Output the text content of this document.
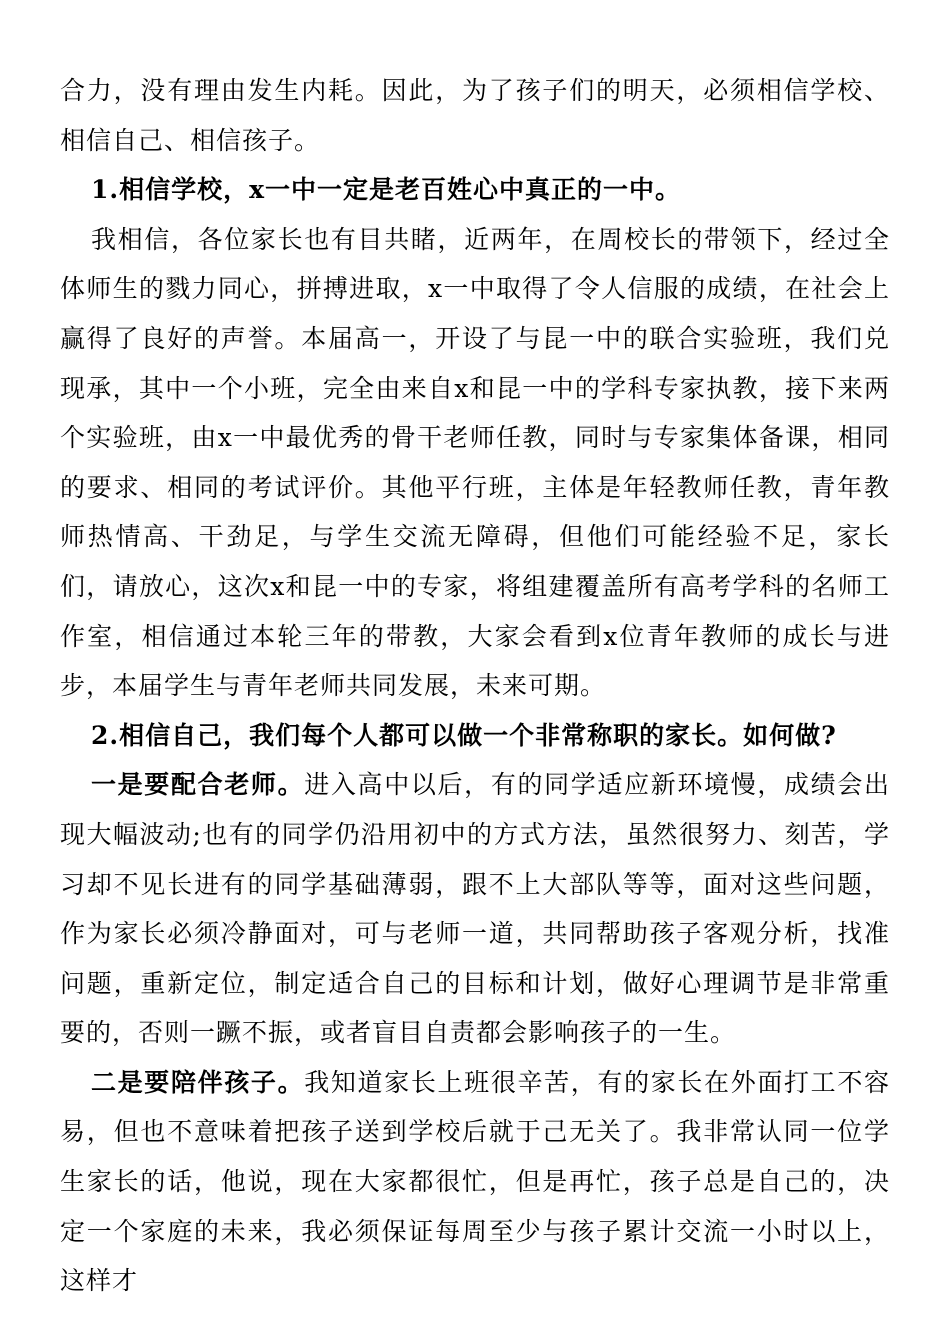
合力，没有理由发生内耗。因此，为了孩子们的明天，必须相信学校、相信自己、相信孩子。

1.相信学校，x一中一定是老百姓心中真正的一中。

我相信，各位家长也有目共睹，近两年，在周校长的带领下，经过全体师生的戮力同心，拼搏进取，x一中取得了令人信服的成绩，在社会上赢得了良好的声誉。本届高一，开设了与昆一中的联合实验班，我们兑现承，其中一个小班，完全由来自x和昆一中的学科专家执教，接下来两个实验班，由x一中最优秀的骨干老师任教，同时与专家集体备课，相同的要求、相同的考试评价。其他平行班，主体是年轻教师任教，青年教师热情高、干劲足，与学生交流无障碍，但他们可能经验不足，家长们，请放心，这次x和昆一中的专家，将组建覆盖所有高考学科的名师工作室，相信通过本轮三年的带教，大家会看到x位青年教师的成长与进步，本届学生与青年老师共同发展，未来可期。

2.相信自己，我们每个人都可以做一个非常称职的家长。如何做?

一是要配合老师。进入高中以后，有的同学适应新环境慢，成绩会出现大幅波动;也有的同学仍沿用初中的方式方法，虽然很努力、刻苦，学习却不见长进有的同学基础薄弱，跟不上大部队等等，面对这些问题，作为家长必须冷静面对，可与老师一道，共同帮助孩子客观分析，找准问题，重新定位，制定适合自己的目标和计划，做好心理调节是非常重要的，否则一蹶不振，或者盲目自责都会影响孩子的一生。

二是要陪伴孩子。我知道家长上班很辛苦，有的家长在外面打工不容易，但也不意味着把孩子送到学校后就于己无关了。我非常认同一位学生家长的话，他说，现在大家都很忙，但是再忙，孩子总是自己的，决定一个家庭的未来，我必须保证每周至少与孩子累计交流一小时以上，这样才
